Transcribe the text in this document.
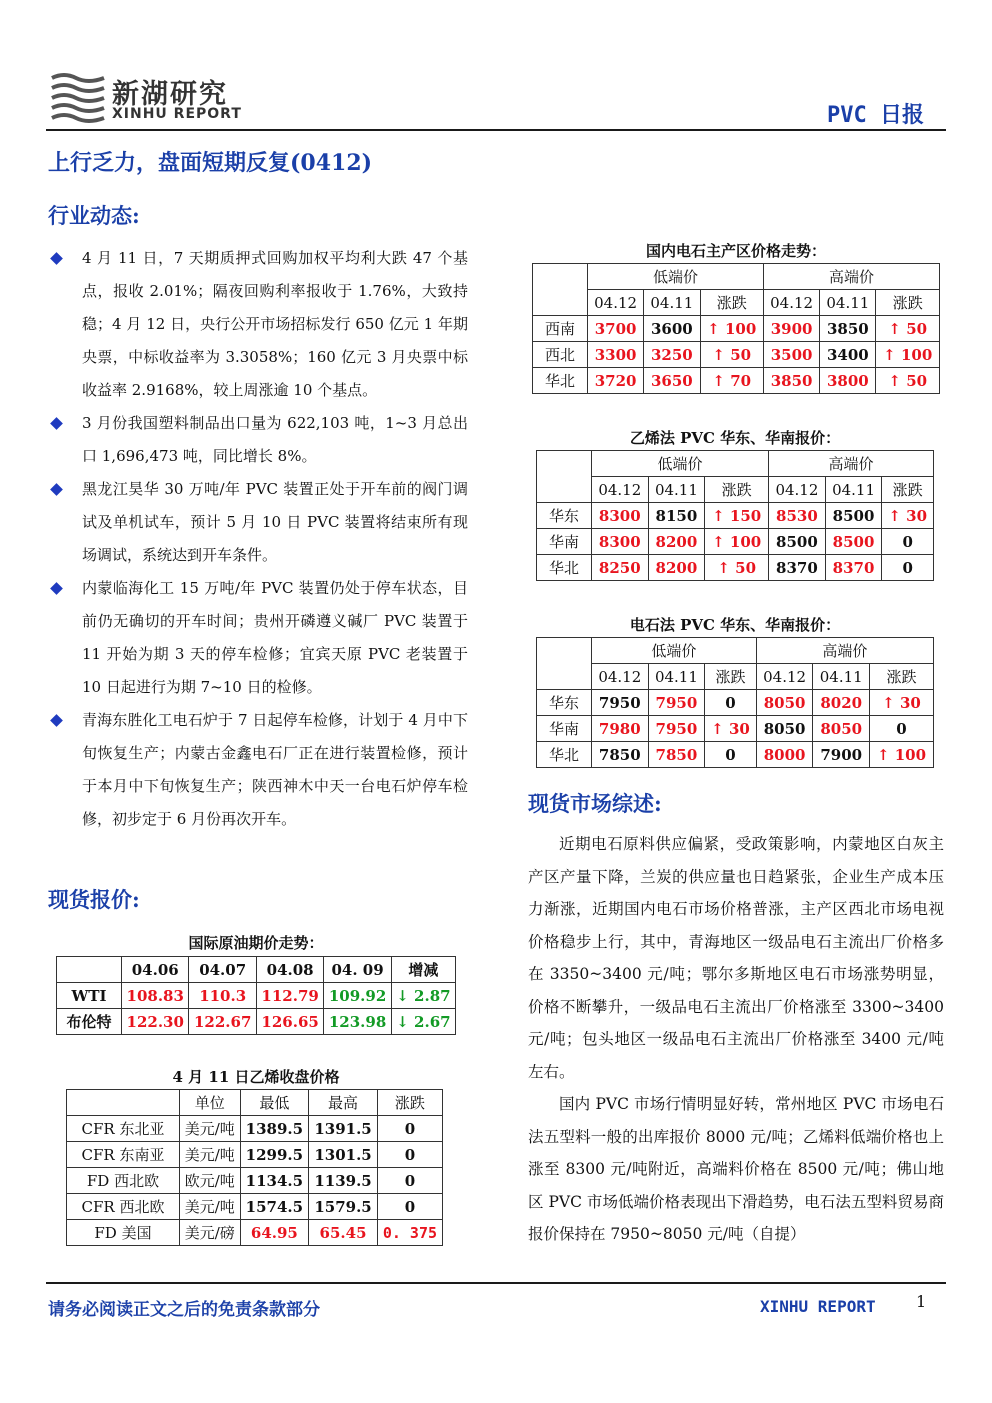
新湖研究
XINHU REPORT	PVC 日报
上行乏力，盘面短期反复(0412)
行业动态:
4 月 11 日，7 天期质押式回购加权平均利大跌 47 个基点，报收 2.01%；隔夜回购利率报收于 1.76%，大致持稳；4 月 12 日，央行公开市场招标发行 650 亿元 1 年期央票，中标收益率为 3.3058%；160 亿元 3 月央票中标收益率 2.9168%，较上周涨逾 10 个基点。
3 月份我国塑料制品出口量为 622,103 吨，1~3 月总出口 1,696,473 吨，同比增长 8%。
黑龙江昊华 30 万吨/年 PVC 装置正处于开车前的阀门调试及单机试车，预计 5 月 10 日 PVC 装置将结束所有现场调试，系统达到开车条件。
内蒙临海化工 15 万吨/年 PVC 装置仍处于停车状态，目前仍无确切的开车时间；贵州开磷遵义碱厂 PVC 装置于 11 开始为期 3 天的停车检修；宜宾天原 PVC 老装置于 10 日起进行为期 7~10 日的检修。
青海东胜化工电石炉于 7 日起停车检修，计划于 4 月中下旬恢复生产；内蒙古金鑫电石厂正在进行装置检修，预计于本月中下旬恢复生产；陕西神木中天一台电石炉停车检修，初步定于 6 月份再次开车。
现货报价:
国际原油期价走势：
	04.06	04.07	04.08	04. 09	增减
WTI	108.83	110.3	112.79	109.92	↓ 2.87
布伦特	122.30	122.67	126.65	123.98	↓ 2.67
4 月 11 日乙烯收盘价格
	单位	最低	最高	涨跌
CFR 东北亚	美元/吨	1389.5	1391.5	0
CFR 东南亚	美元/吨	1299.5	1301.5	0
FD 西北欧	欧元/吨	1134.5	1139.5	0
CFR 西北欧	美元/吨	1574.5	1579.5	0
FD 美国	美元/磅	64.95	65.45	0. 375
国内电石主产区价格走势：
	低端价			高端价		
	04.12	04.11	涨跌	04.12	04.11	涨跌
西南	3700	3600	↑ 100	3900	3850	↑ 50
西北	3300	3250	↑ 50	3500	3400	↑ 100
华北	3720	3650	↑ 70	3850	3800	↑ 50
乙烯法 PVC 华东、华南报价：
	低端价			高端价		
	04.12	04.11	涨跌	04.12	04.11	涨跌
华东	8300	8150	↑ 150	8530	8500	↑ 30
华南	8300	8200	↑ 100	8500	8500	0
华北	8250	8200	↑ 50	8370	8370	0
电石法 PVC 华东、华南报价：
	低端价			高端价		
	04.12	04.11	涨跌	04.12	04.11	涨跌
华东	7950	7950	0	8050	8020	↑ 30
华南	7980	7950	↑ 30	8050	8050	0
华北	7850	7850	0	8000	7900	↑ 100
现货市场综述:

近期电石原料供应偏紧，受政策影响，内蒙地区白灰主产区产量下降，兰炭的供应量也日趋紧张，企业生产成本压力渐涨，近期国内电石市场价格普涨，主产区西北市场电视价格稳步上行，其中，青海地区一级品电石主流出厂价格多在 3350~3400 元/吨；鄂尔多斯地区电石市场涨势明显，价格不断攀升，一级品电石主流出厂价格涨至 3300~3400 元/吨；包头地区一级品电石主流出厂价格涨至 3400 元/吨左右。

国内 PVC 市场行情明显好转，常州地区 PVC 市场电石法五型料一般的出库报价 8000 元/吨；乙烯料低端价格也上涨至 8300 元/吨附近，高端料价格在 8500 元/吨；佛山地区 PVC 市场低端价格表现出下滑趋势，电石法五型料贸易商报价保持在 7950~8050 元/吨（自提）

请务必阅读正文之后的免责条款部分	XINHU REPORT	1
